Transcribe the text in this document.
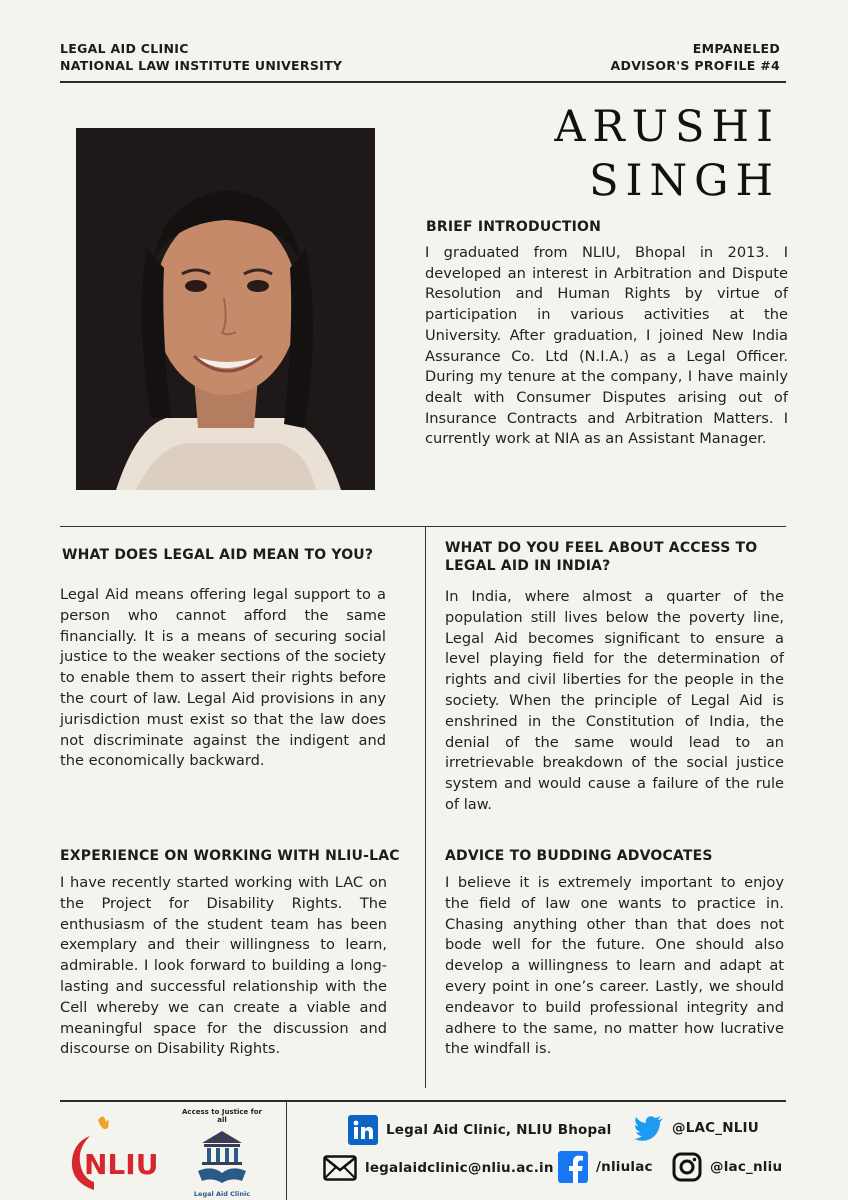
LEGAL AID CLINIC
NATIONAL LAW INSTITUTE UNIVERSITY
EMPANELED
ADVISOR'S PROFILE #4
ARUSHI
SINGH
BRIEF INTRODUCTION
I graduated from NLIU, Bhopal in 2013. I developed an interest in Arbitration and Dispute Resolution and Human Rights by virtue of participation in various activities at the University. After graduation, I joined New India Assurance Co. Ltd (N.I.A.) as a Legal Officer. During my tenure at the company, I have mainly dealt with Consumer Disputes arising out of Insurance Contracts and Arbitration Matters. I currently work at NIA as an Assistant Manager.
WHAT DOES LEGAL AID MEAN TO YOU?
Legal Aid means offering legal support to a person who cannot afford the same financially. It is a means of securing social justice to the weaker sections of the society to enable them to assert their rights before the court of law. Legal Aid provisions in any jurisdiction must exist so that the law does not discriminate against the indigent and the economically backward.
EXPERIENCE ON WORKING WITH NLIU-LAC
I have recently started working with LAC on the Project for Disability Rights. The enthusiasm of the student team has been exemplary and their willingness to learn, admirable. I look forward to building a long-lasting and successful relationship with the Cell whereby we can create a viable and meaningful space for the discussion and discourse on Disability Rights.
WHAT DO YOU FEEL ABOUT ACCESS TO LEGAL AID IN INDIA?
In India, where almost a quarter of the population still lives below the poverty line, Legal Aid becomes significant to ensure a level playing field for the determination of rights and civil liberties for the people in the society. When the principle of Legal Aid is enshrined in the Constitution of India, the denial of the same would lead to an irretrievable breakdown of the social justice system and would cause a failure of the rule of law.
ADVICE TO BUDDING ADVOCATES
I believe it is extremely important to enjoy the field of law one wants to practice in. Chasing anything other than that does not bode well for the future. One should also develop a willingness to learn and adapt at every point in one’s career. Lastly, we should endeavor to build professional integrity and adhere to the same, no matter how lucrative the windfall is.
NLIU
Access to Justice for all
Legal Aid Clinic
Legal Aid Clinic, NLIU Bhopal	@LAC_NLIU
legalaidclinic@nliu.ac.in	/nliulac	@lac_nliu
